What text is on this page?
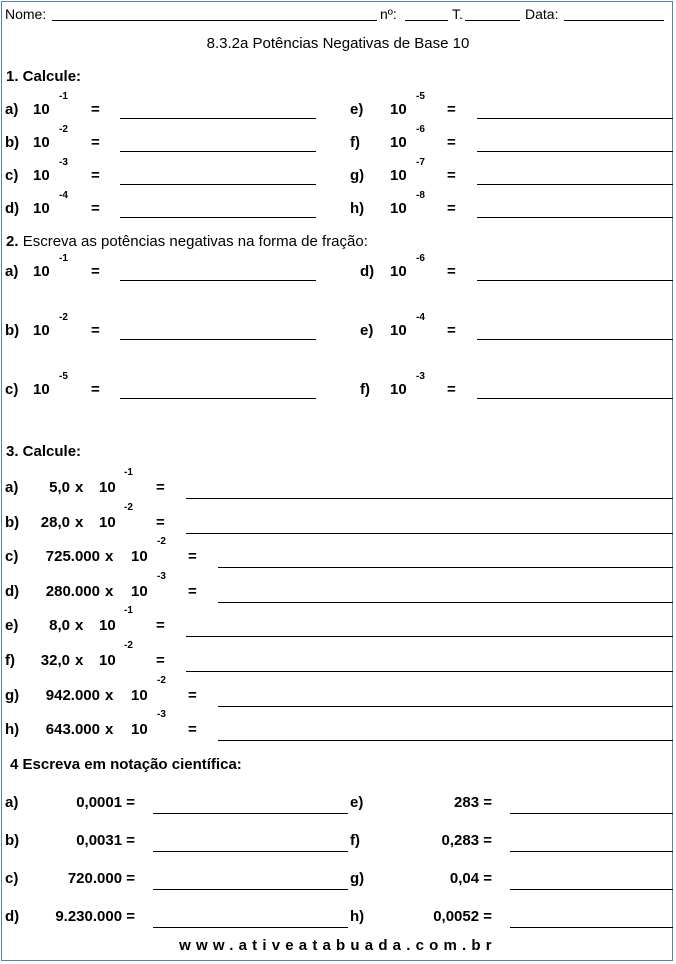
Nome:	nº:	T.	Data:
8.3.2a Potências Negativas de Base 10
1. Calcule:
a) 10
-1
=
b) 10
-2
=
c) 10
-3
=
d) 10
-4
=
e) 10
-5
=
f) 10
-6
=
g) 10
-7
=
h) 10
-8
=
2. Escreva as potências negativas na forma de fração:
a) 10
-1
=
b) 10
-2
=
c) 10
-5
=
d) 10
-6
=
e) 10
-4
=
f) 10
-3
=
3. Calcule:
a)	5,0 x 10
-1
=
b)	28,0 x 10
-2
=
c)	725.000 x 10
-2
=
d)	280.000 x 10
-3
=
e)	8,0 x 10
-1
=
f)	32,0 x 10
-2
=
g)	942.000 x 10
-2
=
h)	643.000 x 10
-3
=
4 Escreva em notação científica:
a)	0,0001 =
b)	0,0031 =
c)	720.000 =
d)	9.230.000 =
e)	283 =
f)	0,283 =
g)	0,04 =
h)	0,0052 =
www.ativeatabuada.com.br
